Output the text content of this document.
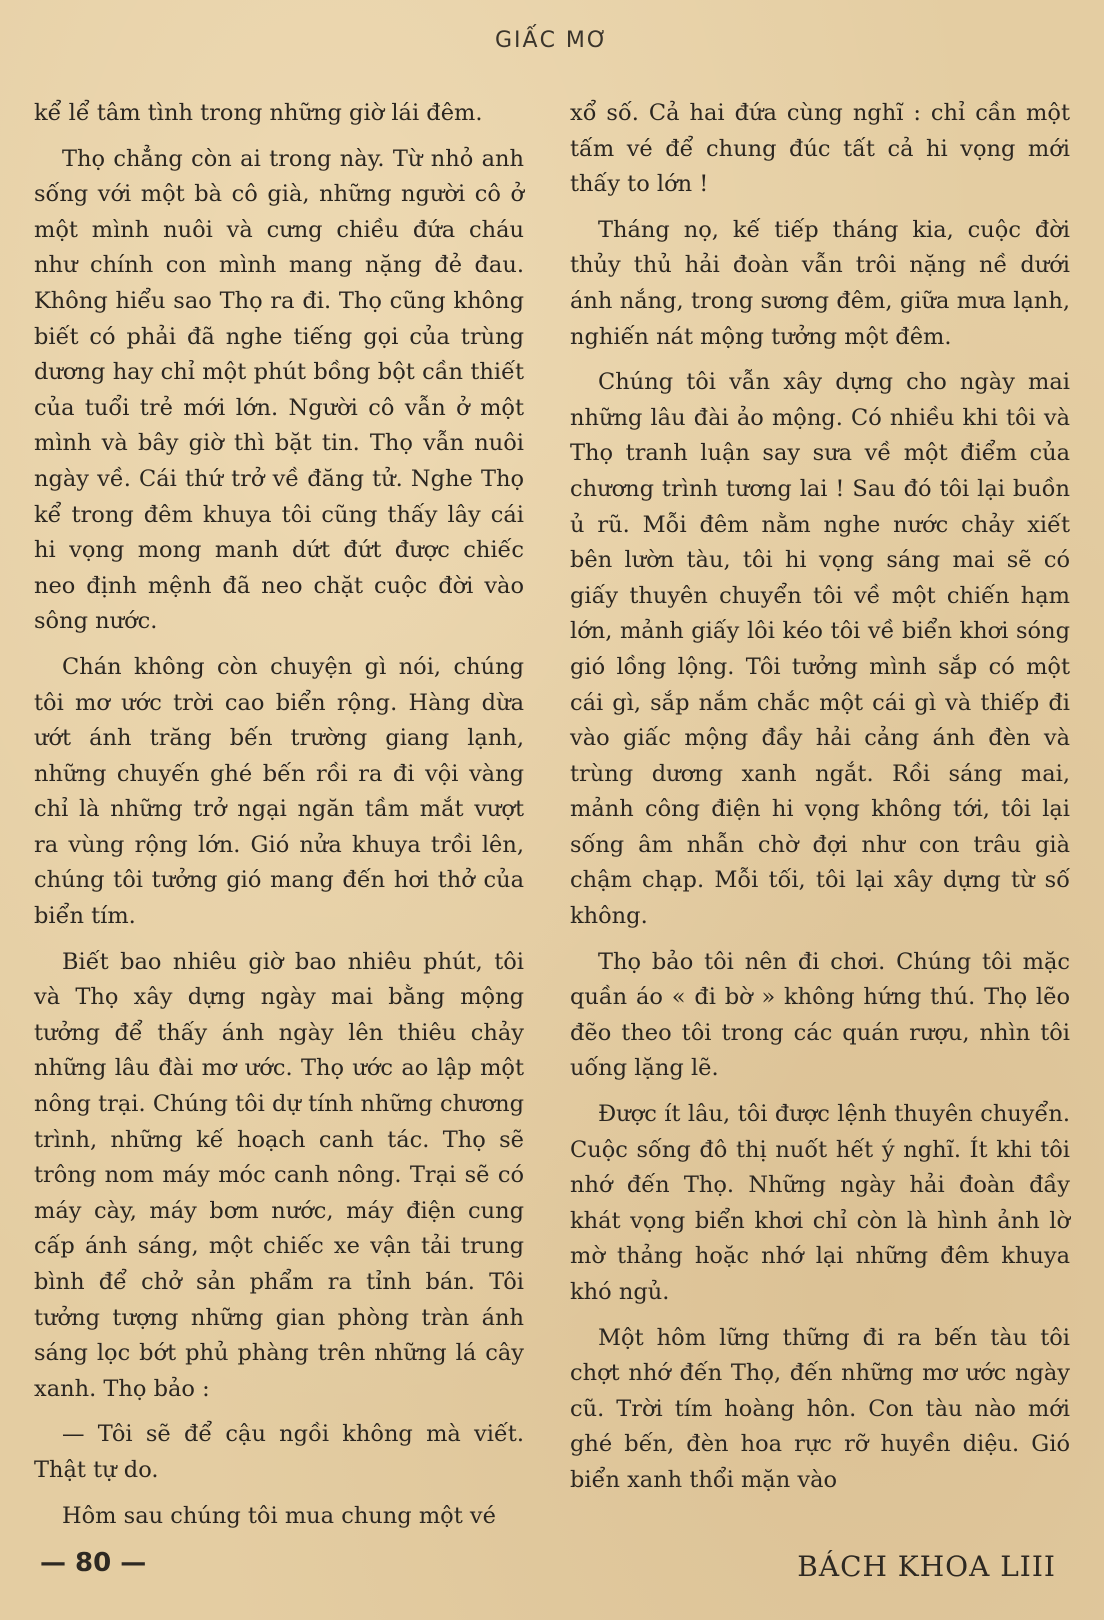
GIẤC MƠ

kể lể tâm tình trong những giờ lái đêm.

Thọ chẳng còn ai trong này. Từ nhỏ anh sống với một bà cô già, những người cô ở một mình nuôi và cưng chiều đứa cháu như chính con mình mang nặng đẻ đau. Không hiểu sao Thọ ra đi. Thọ cũng không biết có phải đã nghe tiếng gọi của trùng dương hay chỉ một phút bồng bột cần thiết của tuổi trẻ mới lớn. Người cô vẫn ở một mình và bây giờ thì bặt tin. Thọ vẫn nuôi ngày về. Cái thứ trở về đăng tử. Nghe Thọ kể trong đêm khuya tôi cũng thấy lây cái hi vọng mong manh dứt đứt được chiếc neo định mệnh đã neo chặt cuộc đời vào sông nước.

Chán không còn chuyện gì nói, chúng tôi mơ ước trời cao biển rộng. Hàng dừa ướt ánh trăng bến trường giang lạnh, những chuyến ghé bến rồi ra đi vội vàng chỉ là những trở ngại ngăn tầm mắt vượt ra vùng rộng lớn. Gió nửa khuya trồi lên, chúng tôi tưởng gió mang đến hơi thở của biển tím.

Biết bao nhiêu giờ bao nhiêu phút, tôi và Thọ xây dựng ngày mai bằng mộng tưởng để thấy ánh ngày lên thiêu chảy những lâu đài mơ ước. Thọ ước ao lập một nông trại. Chúng tôi dự tính những chương trình, những kế hoạch canh tác. Thọ sẽ trông nom máy móc canh nông. Trại sẽ có máy cày, máy bơm nước, máy điện cung cấp ánh sáng, một chiếc xe vận tải trung bình để chở sản phẩm ra tỉnh bán. Tôi tưởng tượng những gian phòng tràn ánh sáng lọc bớt phủ phàng trên những lá cây xanh. Thọ bảo :

— Tôi sẽ để cậu ngồi không mà viết. Thật tự do.

Hôm sau chúng tôi mua chung một vé

xổ số. Cả hai đứa cùng nghĩ : chỉ cần một tấm vé để chung đúc tất cả hi vọng mới thấy to lớn !

Tháng nọ, kế tiếp tháng kia, cuộc đời thủy thủ hải đoàn vẫn trôi nặng nề dưới ánh nắng, trong sương đêm, giữa mưa lạnh, nghiến nát mộng tưởng một đêm.

Chúng tôi vẫn xây dựng cho ngày mai những lâu đài ảo mộng. Có nhiều khi tôi và Thọ tranh luận say sưa về một điểm của chương trình tương lai ! Sau đó tôi lại buồn ủ rũ. Mỗi đêm nằm nghe nước chảy xiết bên lườn tàu, tôi hi vọng sáng mai sẽ có giấy thuyên chuyển tôi về một chiến hạm lớn, mảnh giấy lôi kéo tôi về biển khơi sóng gió lồng lộng. Tôi tưởng mình sắp có một cái gì, sắp nắm chắc một cái gì và thiếp đi vào giấc mộng đầy hải cảng ánh đèn và trùng dương xanh ngắt. Rồi sáng mai, mảnh công điện hi vọng không tới, tôi lại sống âm nhẫn chờ đợi như con trâu già chậm chạp. Mỗi tối, tôi lại xây dựng từ số không.

Thọ bảo tôi nên đi chơi. Chúng tôi mặc quần áo « đi bờ » không hứng thú. Thọ lẽo đẽo theo tôi trong các quán rượu, nhìn tôi uống lặng lẽ.

Được ít lâu, tôi được lệnh thuyên chuyển. Cuộc sống đô thị nuốt hết ý nghĩ. Ít khi tôi nhớ đến Thọ. Những ngày hải đoàn đầy khát vọng biển khơi chỉ còn là hình ảnh lờ mờ thảng hoặc nhớ lại những đêm khuya khó ngủ.

Một hôm lững thững đi ra bến tàu tôi chợt nhớ đến Thọ, đến những mơ ước ngày cũ. Trời tím hoàng hôn. Con tàu nào mới ghé bến, đèn hoa rực rỡ huyền diệu. Gió biển xanh thổi mặn vào

— 80 —	BÁCH KHOA LIII
